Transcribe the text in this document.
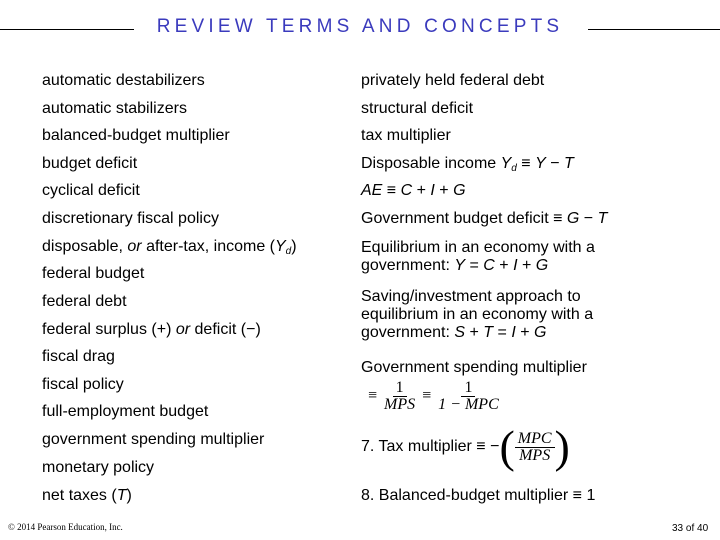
REVIEW TERMS AND CONCEPTS
automatic destabilizers
automatic stabilizers
balanced-budget multiplier
budget deficit
cyclical deficit
discretionary fiscal policy
disposable, or after-tax, income $(Y_d)$
federal budget
federal debt
federal surplus (+) or deficit (−)
fiscal drag
fiscal policy
full-employment budget
government spending multiplier
monetary policy
net taxes (T)
privately held federal debt
structural deficit
tax multiplier
Disposable income $Y_d \equiv Y - T$
AE ≡ C + I + G
Government budget deficit ≡ G − T
Equilibrium in an economy with a government: Y = C + I + G
Saving/investment approach to equilibrium in an economy with a government: S + T = I + G
Government spending multiplier
≡ $\frac{1}{\text{MPS}} \equiv \frac{1}{\text{1 − MPC}}$
7. Tax multiplier ≡ −( $\frac{\text{MPC}}{\text{MPS}}$ )
8. Balanced-budget multiplier ≡ 1
© 2014 Pearson Education, Inc.	33 of 40
